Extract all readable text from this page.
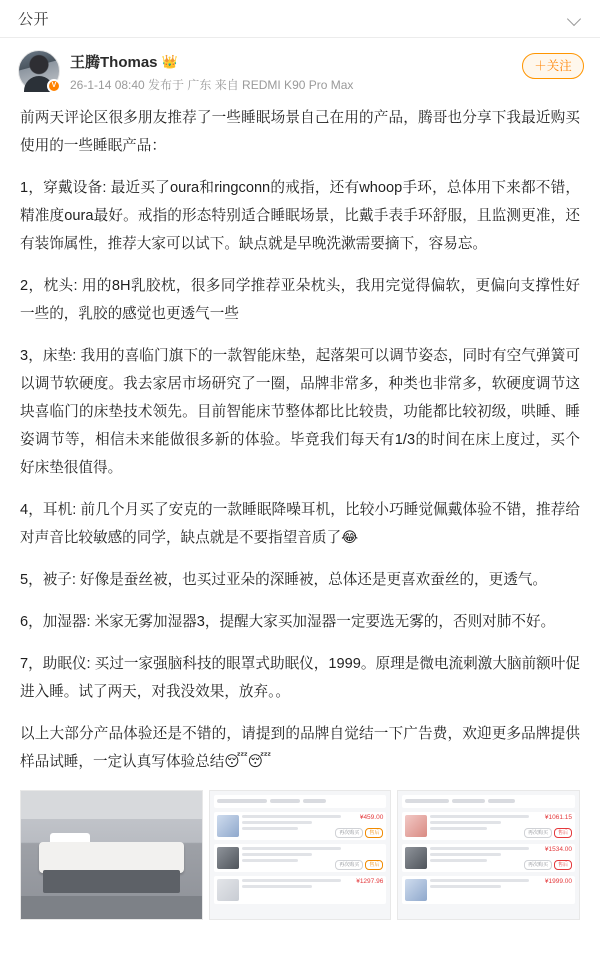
公开
V
王腾Thomas 👑
26-1-14 08:40 发布于 广东 来自 REDMI K90 Pro Max
＋关注

前两天评论区很多朋友推荐了一些睡眠场景自己在用的产品，腾哥也分享下我最近购买使用的一些睡眠产品：

1，穿戴设备: 最近买了oura和ringconn的戒指，还有whoop手环，总体用下来都不错，精准度oura最好。戒指的形态特别适合睡眠场景，比戴手表手环舒服，且监测更准，还有装饰属性，推荐大家可以试下。缺点就是早晚洗漱需要摘下，容易忘。

2，枕头: 用的8H乳胶枕，很多同学推荐亚朵枕头，我用完觉得偏软，更偏向支撑性好一些的，乳胶的感觉也更透气一些

3，床垫: 我用的喜临门旗下的一款智能床垫，起落架可以调节姿态，同时有空气弹簧可以调节软硬度。我去家居市场研究了一圈，品牌非常多，种类也非常多，软硬度调节这块喜临门的床垫技术领先。目前智能床节整体都比比较贵，功能都比较初级，哄睡、睡姿调节等，相信未来能做很多新的体验。毕竟我们每天有1/3的时间在床上度过，买个好床垫很值得。

4，耳机: 前几个月买了安克的一款睡眠降噪耳机，比较小巧睡觉佩戴体验不错，推荐给对声音比较敏感的同学，缺点就是不要指望音质了😂

5，被子: 好像是蚕丝被，也买过亚朵的深睡被，总体还是更喜欢蚕丝的，更透气。

6，加湿器: 米家无雾加湿器3，提醒大家买加湿器一定要选无雾的，否则对肺不好。

7，助眠仪: 买过一家强脑科技的眼罩式助眠仪，1999。原理是微电流刺激大脑前额叶促进入睡。试了两天，对我没效果，放弃。。

以上大部分产品体验还是不错的，请提到的品牌自觉结一下广告费，欢迎更多品牌提供样品试睡，一定认真写体验总结😴😴

¥459.00
再次购买	售后
再次购买	售后
¥1297.96
¥1061.15
再次购买	售后
¥1534.00
再次购买	售后
¥1999.00
